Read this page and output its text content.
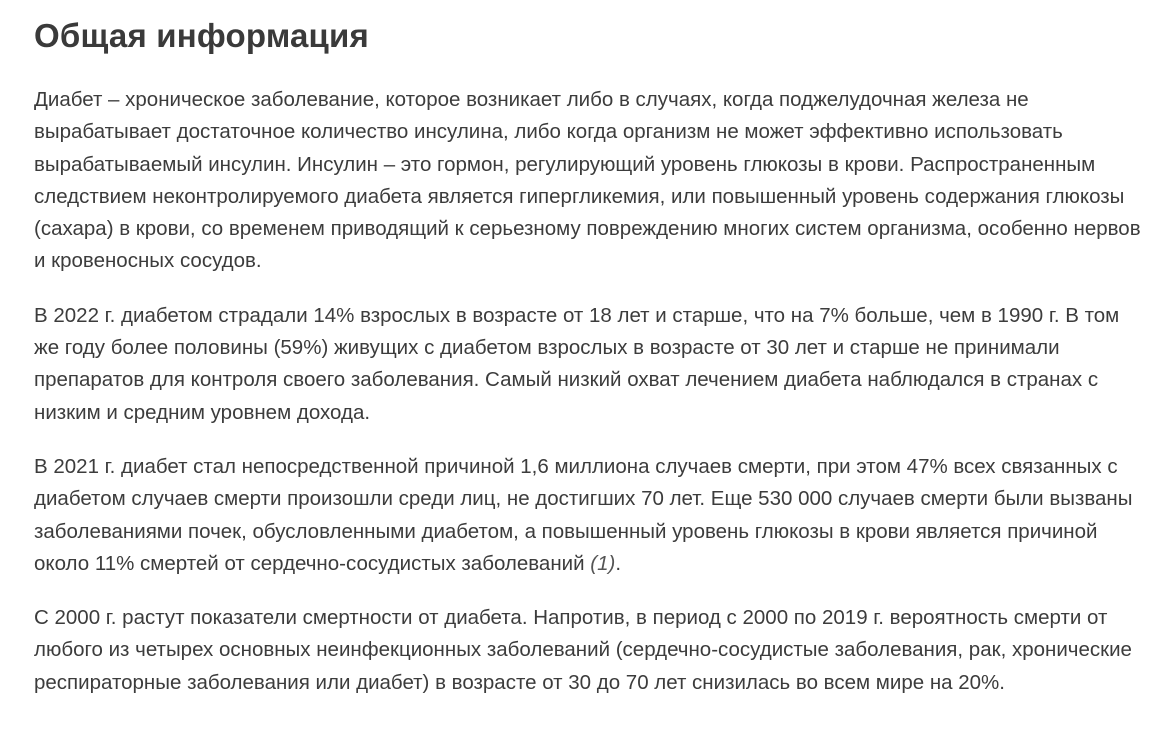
Общая информация

Диабет – хроническое заболевание, которое возникает либо в случаях, когда поджелудочная железа не вырабатывает достаточное количество инсулина, либо когда организм не может эффективно использовать вырабатываемый инсулин. Инсулин – это гормон, регулирующий уровень глюкозы в крови. Распространенным следствием неконтролируемого диабета является гипергликемия, или повышенный уровень содержания глюкозы (сахара) в крови, со временем приводящий к серьезному повреждению многих систем организма, особенно нервов и кровеносных сосудов.

В 2022 г. диабетом страдали 14% взрослых в возрасте от 18 лет и старше, что на 7% больше, чем в 1990 г. В том же году более половины (59%) живущих с диабетом взрослых в возрасте от 30 лет и старше не принимали препаратов для контроля своего заболевания. Самый низкий охват лечением диабета наблюдался в странах с низким и средним уровнем дохода.

В 2021 г. диабет стал непосредственной причиной 1,6 миллиона случаев смерти, при этом 47% всех связанных с диабетом случаев смерти произошли среди лиц, не достигших 70 лет. Еще 530 000 случаев смерти были вызваны заболеваниями почек, обусловленными диабетом, а повышенный уровень глюкозы в крови является причиной около 11% смертей от сердечно-сосудистых заболеваний (1).

С 2000 г. растут показатели смертности от диабета. Напротив, в период с 2000 по 2019 г. вероятность смерти от любого из четырех основных неинфекционных заболеваний (сердечно-сосудистые заболевания, рак, хронические респираторные заболевания или диабет) в возрасте от 30 до 70 лет снизилась во всем мире на 20%.
